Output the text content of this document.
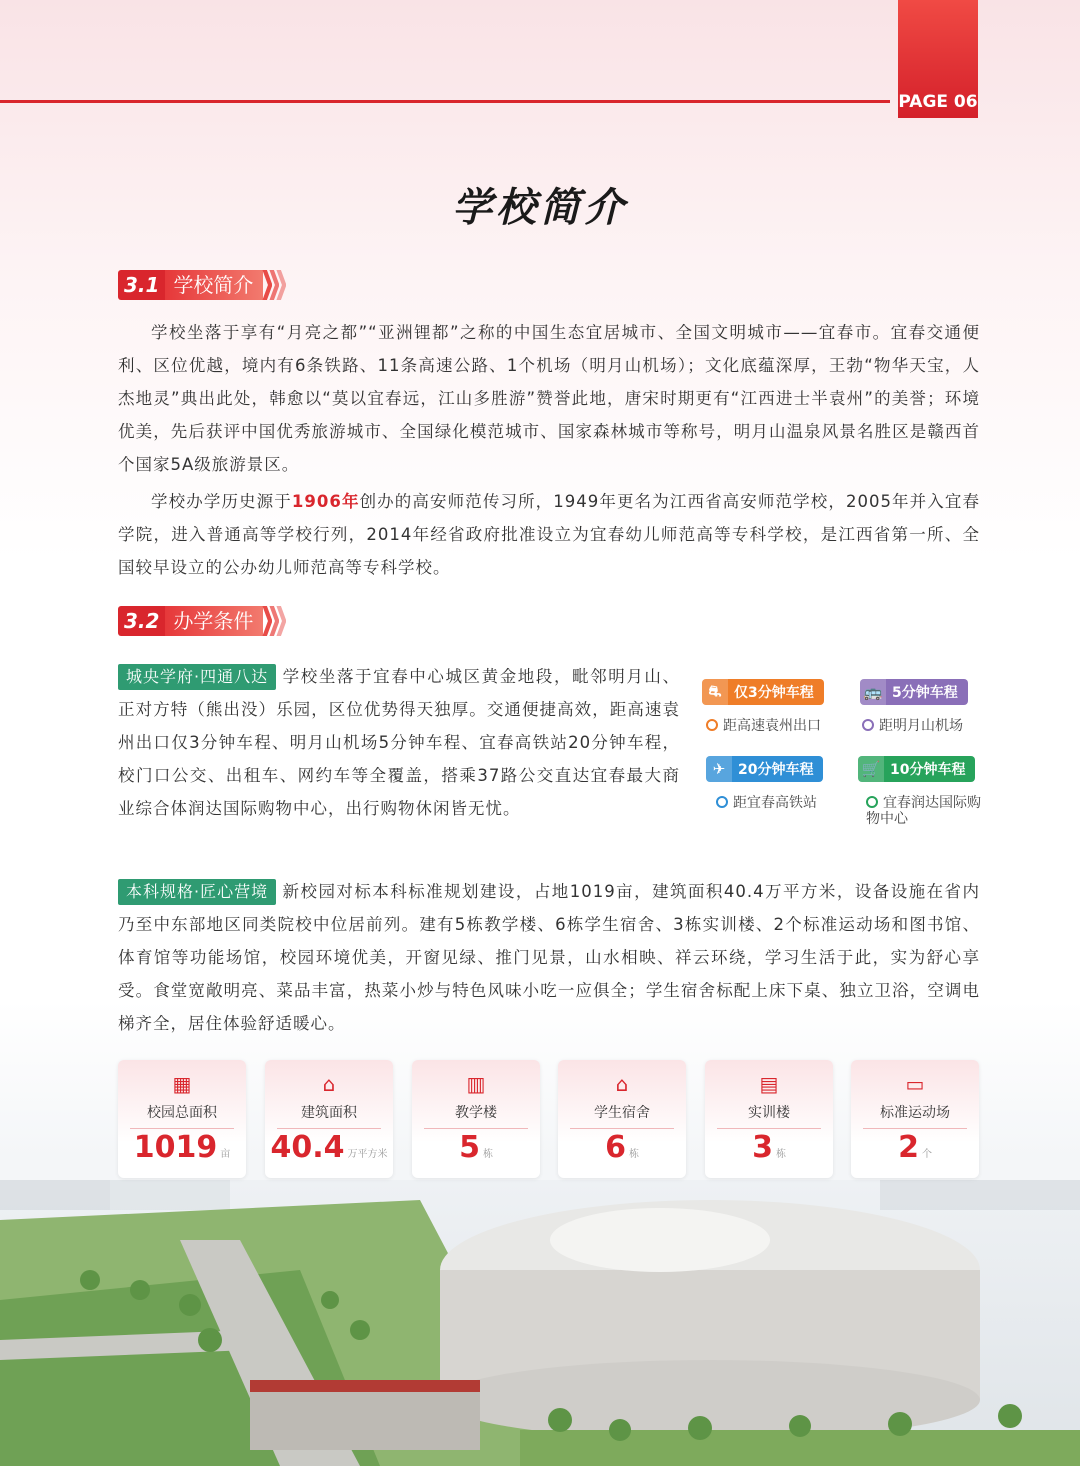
PAGE 06
学校简介
3.1 学校简介

学校坐落于享有“月亮之都”“亚洲锂都”之称的中国生态宜居城市、全国文明城市——宜春市。宜春交通便利、区位优越，境内有6条铁路、11条高速公路、1个机场（明月山机场）；文化底蕴深厚，王勃“物华天宝，人杰地灵”典出此处，韩愈以“莫以宜春远，江山多胜游”赞誉此地，唐宋时期更有“江西进士半袁州”的美誉；环境优美，先后获评中国优秀旅游城市、全国绿化模范城市、国家森林城市等称号，明月山温泉风景名胜区是赣西首个国家5A级旅游景区。

学校办学历史源于1906年创办的高安师范传习所，1949年更名为江西省高安师范学校，2005年并入宜春学院，进入普通高等学校行列，2014年经省政府批准设立为宜春幼儿师范高等专科学校，是江西省第一所、全国较早设立的公办幼儿师范高等专科学校。

3.2 办学条件

城央学府·四通八达 学校坐落于宜春中心城区黄金地段，毗邻明月山、正对方特（熊出没）乐园，区位优势得天独厚。交通便捷高效，距高速袁州出口仅3分钟车程、明月山机场5分钟车程、宜春高铁站20分钟车程，校门口公交、出租车、网约车等全覆盖，搭乘37路公交直达宜春最大商业综合体润达国际购物中心，出行购物休闲皆无忧。

⛐ 仅3分钟车程
距高速袁州出口
🚌 5分钟车程
距明月山机场
✈ 20分钟车程
距宜春高铁站
🛒 10分钟车程
宜春润达国际购物中心

本科规格·匠心营境 新校园对标本科标准规划建设，占地1019亩，建筑面积40.4万平方米，设备设施在省内乃至中东部地区同类院校中位居前列。建有5栋教学楼、6栋学生宿舍、3栋实训楼、2个标准运动场和图书馆、体育馆等功能场馆，校园环境优美，开窗见绿、推门见景，山水相映、祥云环绕，学习生活于此，实为舒心享受。食堂宽敞明亮、菜品丰富，热菜小炒与特色风味小吃一应俱全；学生宿舍标配上床下桌、独立卫浴，空调电梯齐全，居住体验舒适暖心。

▦
校园总面积
1019 亩
⌂
建筑面积
40.4 万平方米
▥
教学楼
5 栋
⌂
学生宿舍
6 栋
▤
实训楼
3 栋
▭
标准运动场
2 个
